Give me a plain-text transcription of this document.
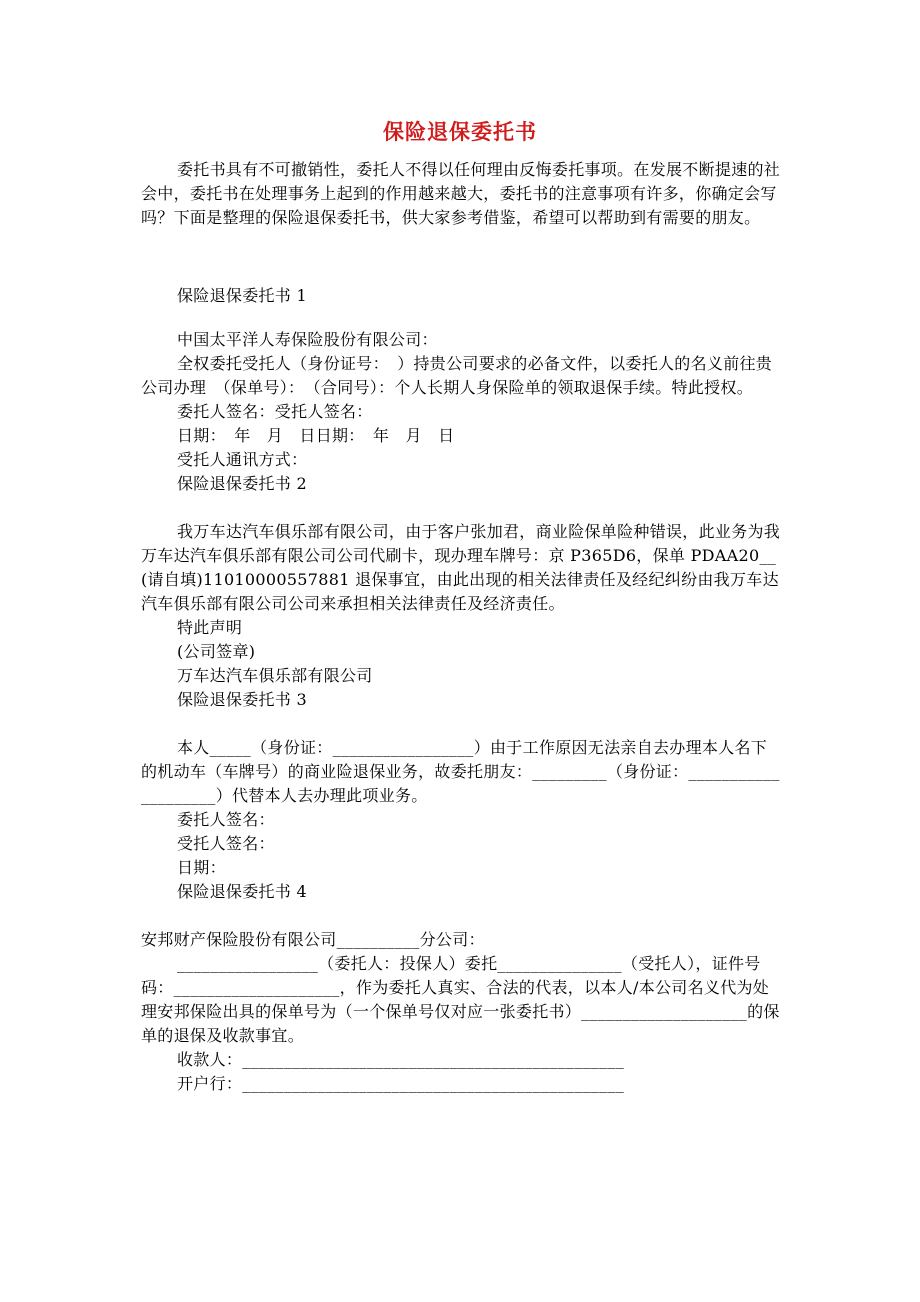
保险退保委托书

委托书具有不可撤销性，委托人不得以任何理由反悔委托事项。在发展不断提速的社会中，委托书在处理事务上起到的作用越来越大，委托书的注意事项有许多，你确定会写吗？下面是整理的保险退保委托书，供大家参考借鉴，希望可以帮助到有需要的朋友。

保险退保委托书 1

中国太平洋人寿保险股份有限公司：

全权委托受托人（身份证号：　）持贵公司要求的必备文件，以委托人的名义前往贵公司办理　（保单号）：　（合同号）：个人长期人身保险单的领取退保手续。特此授权。

委托人签名：受托人签名：

日期：　年　月　日日期：　年　月　日

受托人通讯方式：

保险退保委托书 2

我万车达汽车俱乐部有限公司，由于客户张加君，商业险保单险种错误，此业务为我万车达汽车俱乐部有限公司公司代刷卡，现办理车牌号：京 P365D6，保单 PDAA20__(请自填)11010000557881 退保事宜，由此出现的相关法律责任及经纪纠纷由我万车达汽车俱乐部有限公司公司来承担相关法律责任及经济责任。

特此声明

(公司签章)

万车达汽车俱乐部有限公司

保险退保委托书 3

本人_____（身份证：_________________）由于工作原因无法亲自去办理本人名下的机动车（车牌号）的商业险退保业务，故委托朋友：_________（身份证：____________________）代替本人去办理此项业务。

委托人签名：

受托人签名：

日期：

保险退保委托书 4

安邦财产保险股份有限公司__________分公司：

_________________（委托人：投保人）委托_______________（受托人），证件号码：____________________，作为委托人真实、合法的代表，以本人/本公司名义代为处理安邦保险出具的保单号为（一个保单号仅对应一张委托书）____________________的保单的退保及收款事宜。

收款人：______________________________________________

开户行：______________________________________________
